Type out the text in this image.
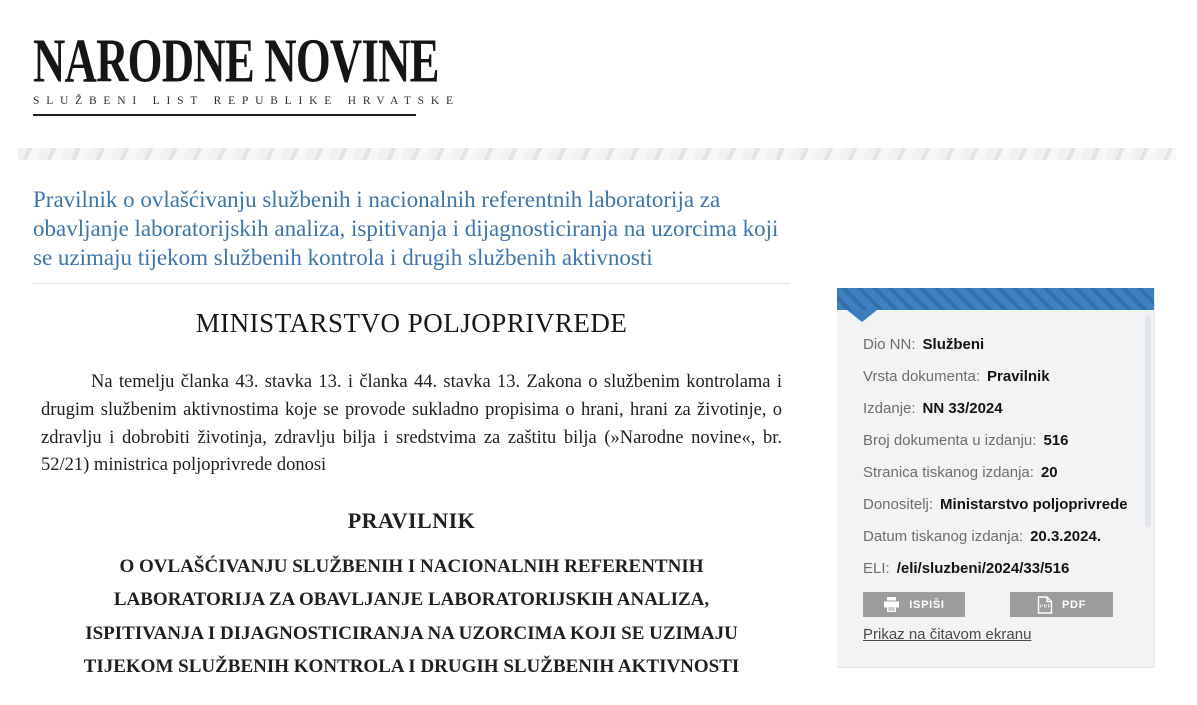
NARODNE NOVINE
SLUŽBENI LIST REPUBLIKE HRVATSKE
Pravilnik o ovlašćivanju službenih i nacionalnih referentnih laboratorija za obavljanje laboratorijskih analiza, ispitivanja i dijagnosticiranja na uzorcima koji se uzimaju tijekom službenih kontrola i drugih službenih aktivnosti
MINISTARSTVO POLJOPRIVREDE

Na temelju članka 43. stavka 13. i članka 44. stavka 13. Zakona o službenim kontrolama i drugim službenim aktivnostima koje se provode sukladno propisima o hrani, hrani za životinje, o zdravlju i dobrobiti životinja, zdravlju bilja i sredstvima za zaštitu bilja (»Narodne novine«, br. 52/21) ministrica poljoprivrede donosi

PRAVILNIK
O OVLAŠĆIVANJU SLUŽBENIH I NACIONALNIH REFERENTNIH LABORATORIJA ZA OBAVLJANJE LABORATORIJSKIH ANALIZA, ISPITIVANJA I DIJAGNOSTICIRANJA NA UZORCIMA KOJI SE UZIMAJU TIJEKOM SLUŽBENIH KONTROLA I DRUGIH SLUŽBENIH AKTIVNOSTI
Dio NN: Službeni
Vrsta dokumenta: Pravilnik
Izdanje: NN 33/2024
Broj dokumenta u izdanju: 516
Stranica tiskanog izdanja: 20
Donositelj: Ministarstvo poljoprivrede
Datum tiskanog izdanja: 20.3.2024.
ELI: /eli/sluzbeni/2024/33/516
ISPIŠI	PDF PDF
Prikaz na čitavom ekranu
